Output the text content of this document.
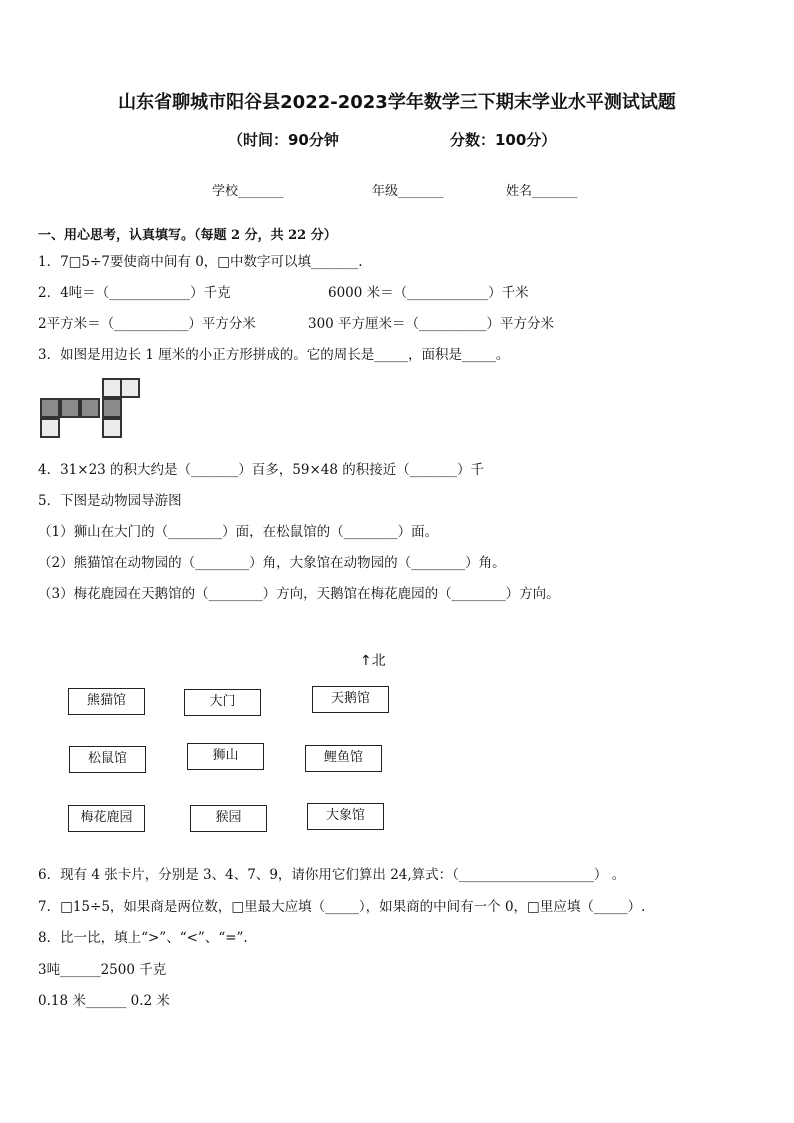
山东省聊城市阳谷县2022-2023学年数学三下期末学业水平测试试题
（时间：90分钟	分数：100分）
学校_______	年级_______	姓名_______
一、用心思考，认真填写。（每题 2 分，共 22 分）
1．7□5÷7要使商中间有 0，□中数字可以填_______.
2．4吨＝（____________）千克	6000 米＝（____________）千米
2平方米＝（___________）平方分米	300 平方厘米＝（__________）平方分米
3．如图是用边长 1 厘米的小正方形拼成的。它的周长是_____，面积是_____。
4．31×23 的积大约是（_______）百多，59×48 的积接近（_______）千
5．下图是动物园导游图
（1）狮山在大门的（________）面，在松鼠馆的（________）面。
（2）熊猫馆在动物园的（________）角，大象馆在动物园的（________）角。
（3）梅花鹿园在天鹅馆的（________）方向，天鹅馆在梅花鹿园的（________）方向。
↑北
熊猫馆	大门	天鹅馆
松鼠馆	狮山	鲤鱼馆
梅花鹿园	猴园	大象馆
6．现有 4 张卡片，分别是 3、4、7、9，请你用它们算出 24,算式：（____________________） 。
7．□15÷5，如果商是两位数，□里最大应填（_____），如果商的中间有一个 0，□里应填（_____）.
8．比一比，填上“>”、“<”、“=”.
3吨______2500 千克
0.18 米______ 0.2 米
